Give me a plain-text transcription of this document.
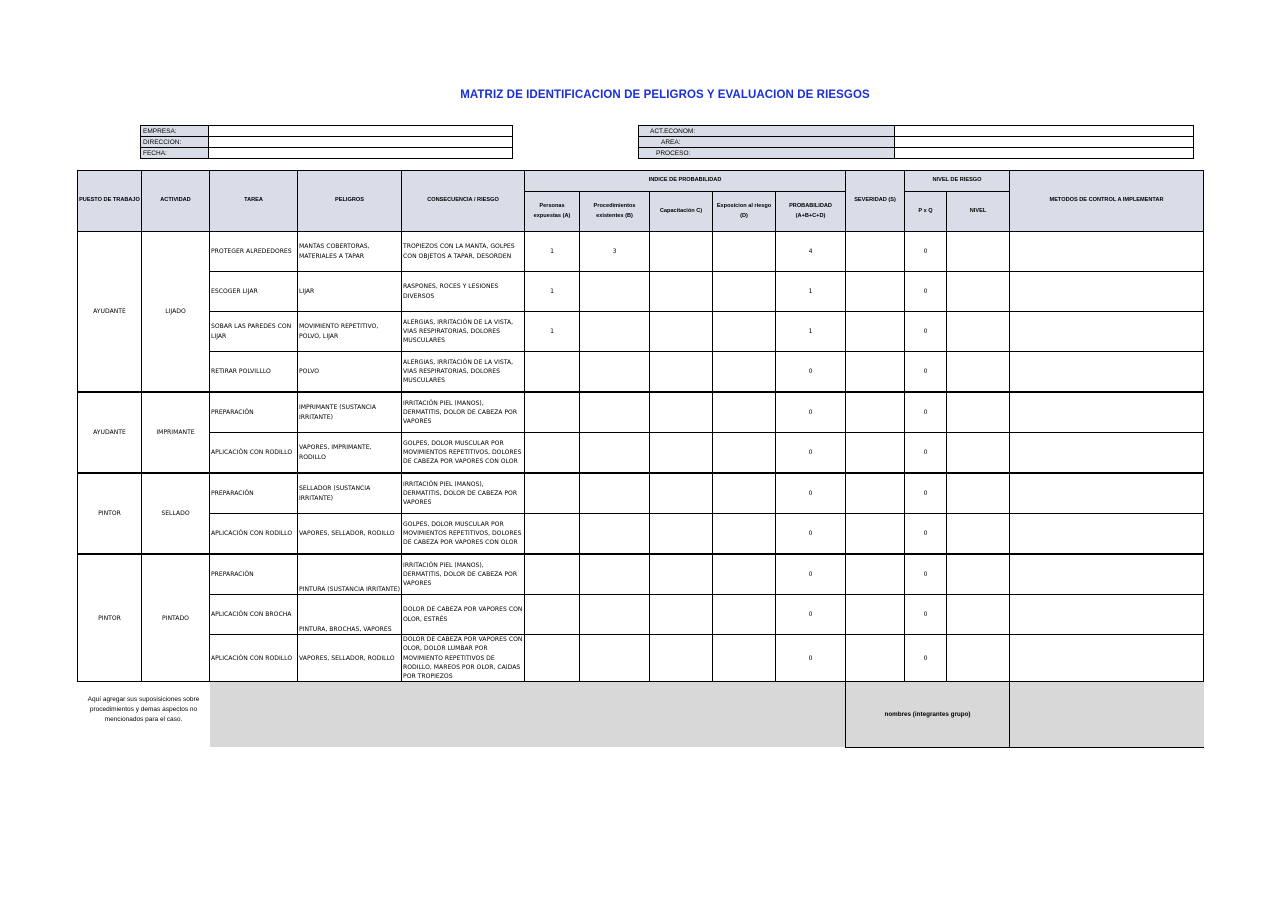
MATRIZ DE IDENTIFICACION DE PELIGROS Y EVALUACION DE RIESGOS
EMPRESA:	
DIRECCION:	
FECHA:	
ACT.ECONOM:	
AREA:	
PROCESO:	
PUESTO DE TRABAJO	ACTIVIDAD	TAREA	PELIGROS	CONSECUENCIA / RIESGO	INDICE DE PROBABILIDAD					SEVERIDAD (S)	NIVEL DE RIESGO		METODOS DE CONTROL A IMPLEMENTAR
					Personas expuestas (A)	Procedimientos existentes (B)	Capacitación C)	Exposicion al riesgo (D)	PROBABILIDAD (A+B+C+D)		P x Q	NIVEL	
AYUDANTE	LIJADO	PROTEGER ALREDEDORES	MANTAS COBERTORAS, MATERIALES A TAPAR	TROPIEZOS CON LA MANTA, GOLPES CON OBJETOS A TAPAR, DESORDEN	1	3			4		0		
		ESCOGER LIJAR	LIJAR	RASPONES, ROCES Y LESIONES DIVERSOS	1				1		0		
		SOBAR LAS PAREDES CON LIJAR	MOVIMIENTO REPETITIVO, POLVO, LIJAR	ALERGIAS, IRRITACIÓN DE LA VISTA, VIAS RESPIRATORIAS, DOLORES MUSCULARES	1				1		0		
		RETIRAR POLVILLLO	POLVO	ALERGIAS, IRRITACIÓN DE LA VISTA, VIAS RESPIRATORIAS, DOLORES MUSCULARES					0		0		
AYUDANTE	IMPRIMANTE	PREPARACIÓN	IMPRIMANTE (SUSTANCIA IRRITANTE)	IRRITACIÓN PIEL (MANOS), DERMATITIS, DOLOR DE CABEZA POR VAPORES					0		0		
		APLICACIÓN CON RODILLO	VAPORES, IMPRIMANTE, RODILLO	GOLPES, DOLOR MUSCULAR POR MOVIMIENTOS REPETITIVOS, DOLORES DE CABEZA POR VAPORES CON OLOR					0		0		
PINTOR	SELLADO	PREPARACIÓN	SELLADOR (SUSTANCIA IRRITANTE)	IRRITACIÓN PIEL (MANOS), DERMATITIS, DOLOR DE CABEZA POR VAPORES					0		0		
		APLICACIÓN CON RODILLO	VAPORES, SELLADOR, RODILLO	GOLPES, DOLOR MUSCULAR POR MOVIMIENTOS REPETITIVOS, DOLORES DE CABEZA POR VAPORES CON OLOR					0		0		
PINTOR	PINTADO	PREPARACIÓN	PINTURA (SUSTANCIA IRRITANTE)	IRRITACIÓN PIEL (MANOS), DERMATITIS, DOLOR DE CABEZA POR VAPORES					0		0		
		APLICACIÓN CON BROCHA	PINTURA, BROCHAS, VAPORES	DOLOR DE CABEZA POR VAPORES CON OLOR, ESTRÉS					0		0		
		APLICACIÓN CON RODILLO	VAPORES, SELLADOR, RODILLO	DOLOR DE CABEZA POR VAPORES CON OLOR, DOLOR LUMBAR POR MOVIMIENTO REPETITIVOS DE RODILLO, MAREOS POR OLOR, CAIDAS POR TROPIEZOS					0		0		
Aquí agregar sus suposisiciones sobre procedimientos y demas aspectos no mencionados para el caso.										nombres (integrantes grupo)			
